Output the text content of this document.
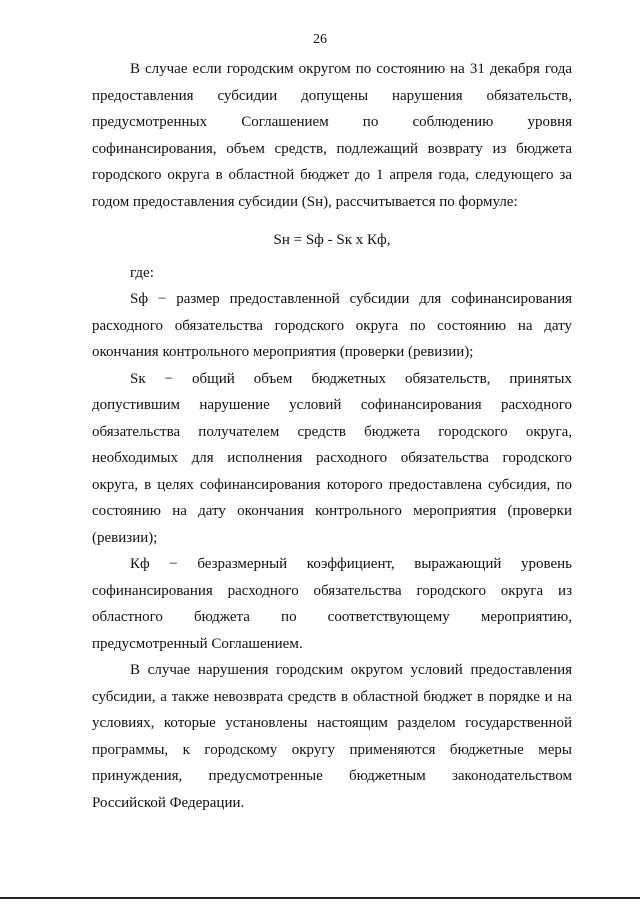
26

В случае если городским округом по состоянию на 31 декабря года предоставления субсидии допущены нарушения обязательств, предусмотренных Соглашением по соблюдению уровня софинансирования, объем средств, подлежащий возврату из бюджета городского округа в областной бюджет до 1 апреля года, следующего за годом предоставления субсидии (Sн), рассчитывается по формуле:

Sн = Sф - Sк х Кф,

где:

Sф − размер предоставленной субсидии для софинансирования расходного обязательства городского округа по состоянию на дату окончания контрольного мероприятия (проверки (ревизии);

Sк − общий объем бюджетных обязательств, принятых допустившим нарушение условий софинансирования расходного обязательства получателем средств бюджета городского округа, необходимых для исполнения расходного обязательства городского округа, в целях софинансирования которого предоставлена субсидия, по состоянию на дату окончания контрольного мероприятия (проверки (ревизии);

Кф − безразмерный коэффициент, выражающий уровень софинансирования расходного обязательства городского округа из областного бюджета по соответствующему мероприятию, предусмотренный Соглашением.

В случае нарушения городским округом условий предоставления субсидии, а также невозврата средств в областной бюджет в порядке и на условиях, которые установлены настоящим разделом государственной программы, к городскому округу применяются бюджетные меры принуждения, предусмотренные бюджетным законодательством Российской Федерации.
